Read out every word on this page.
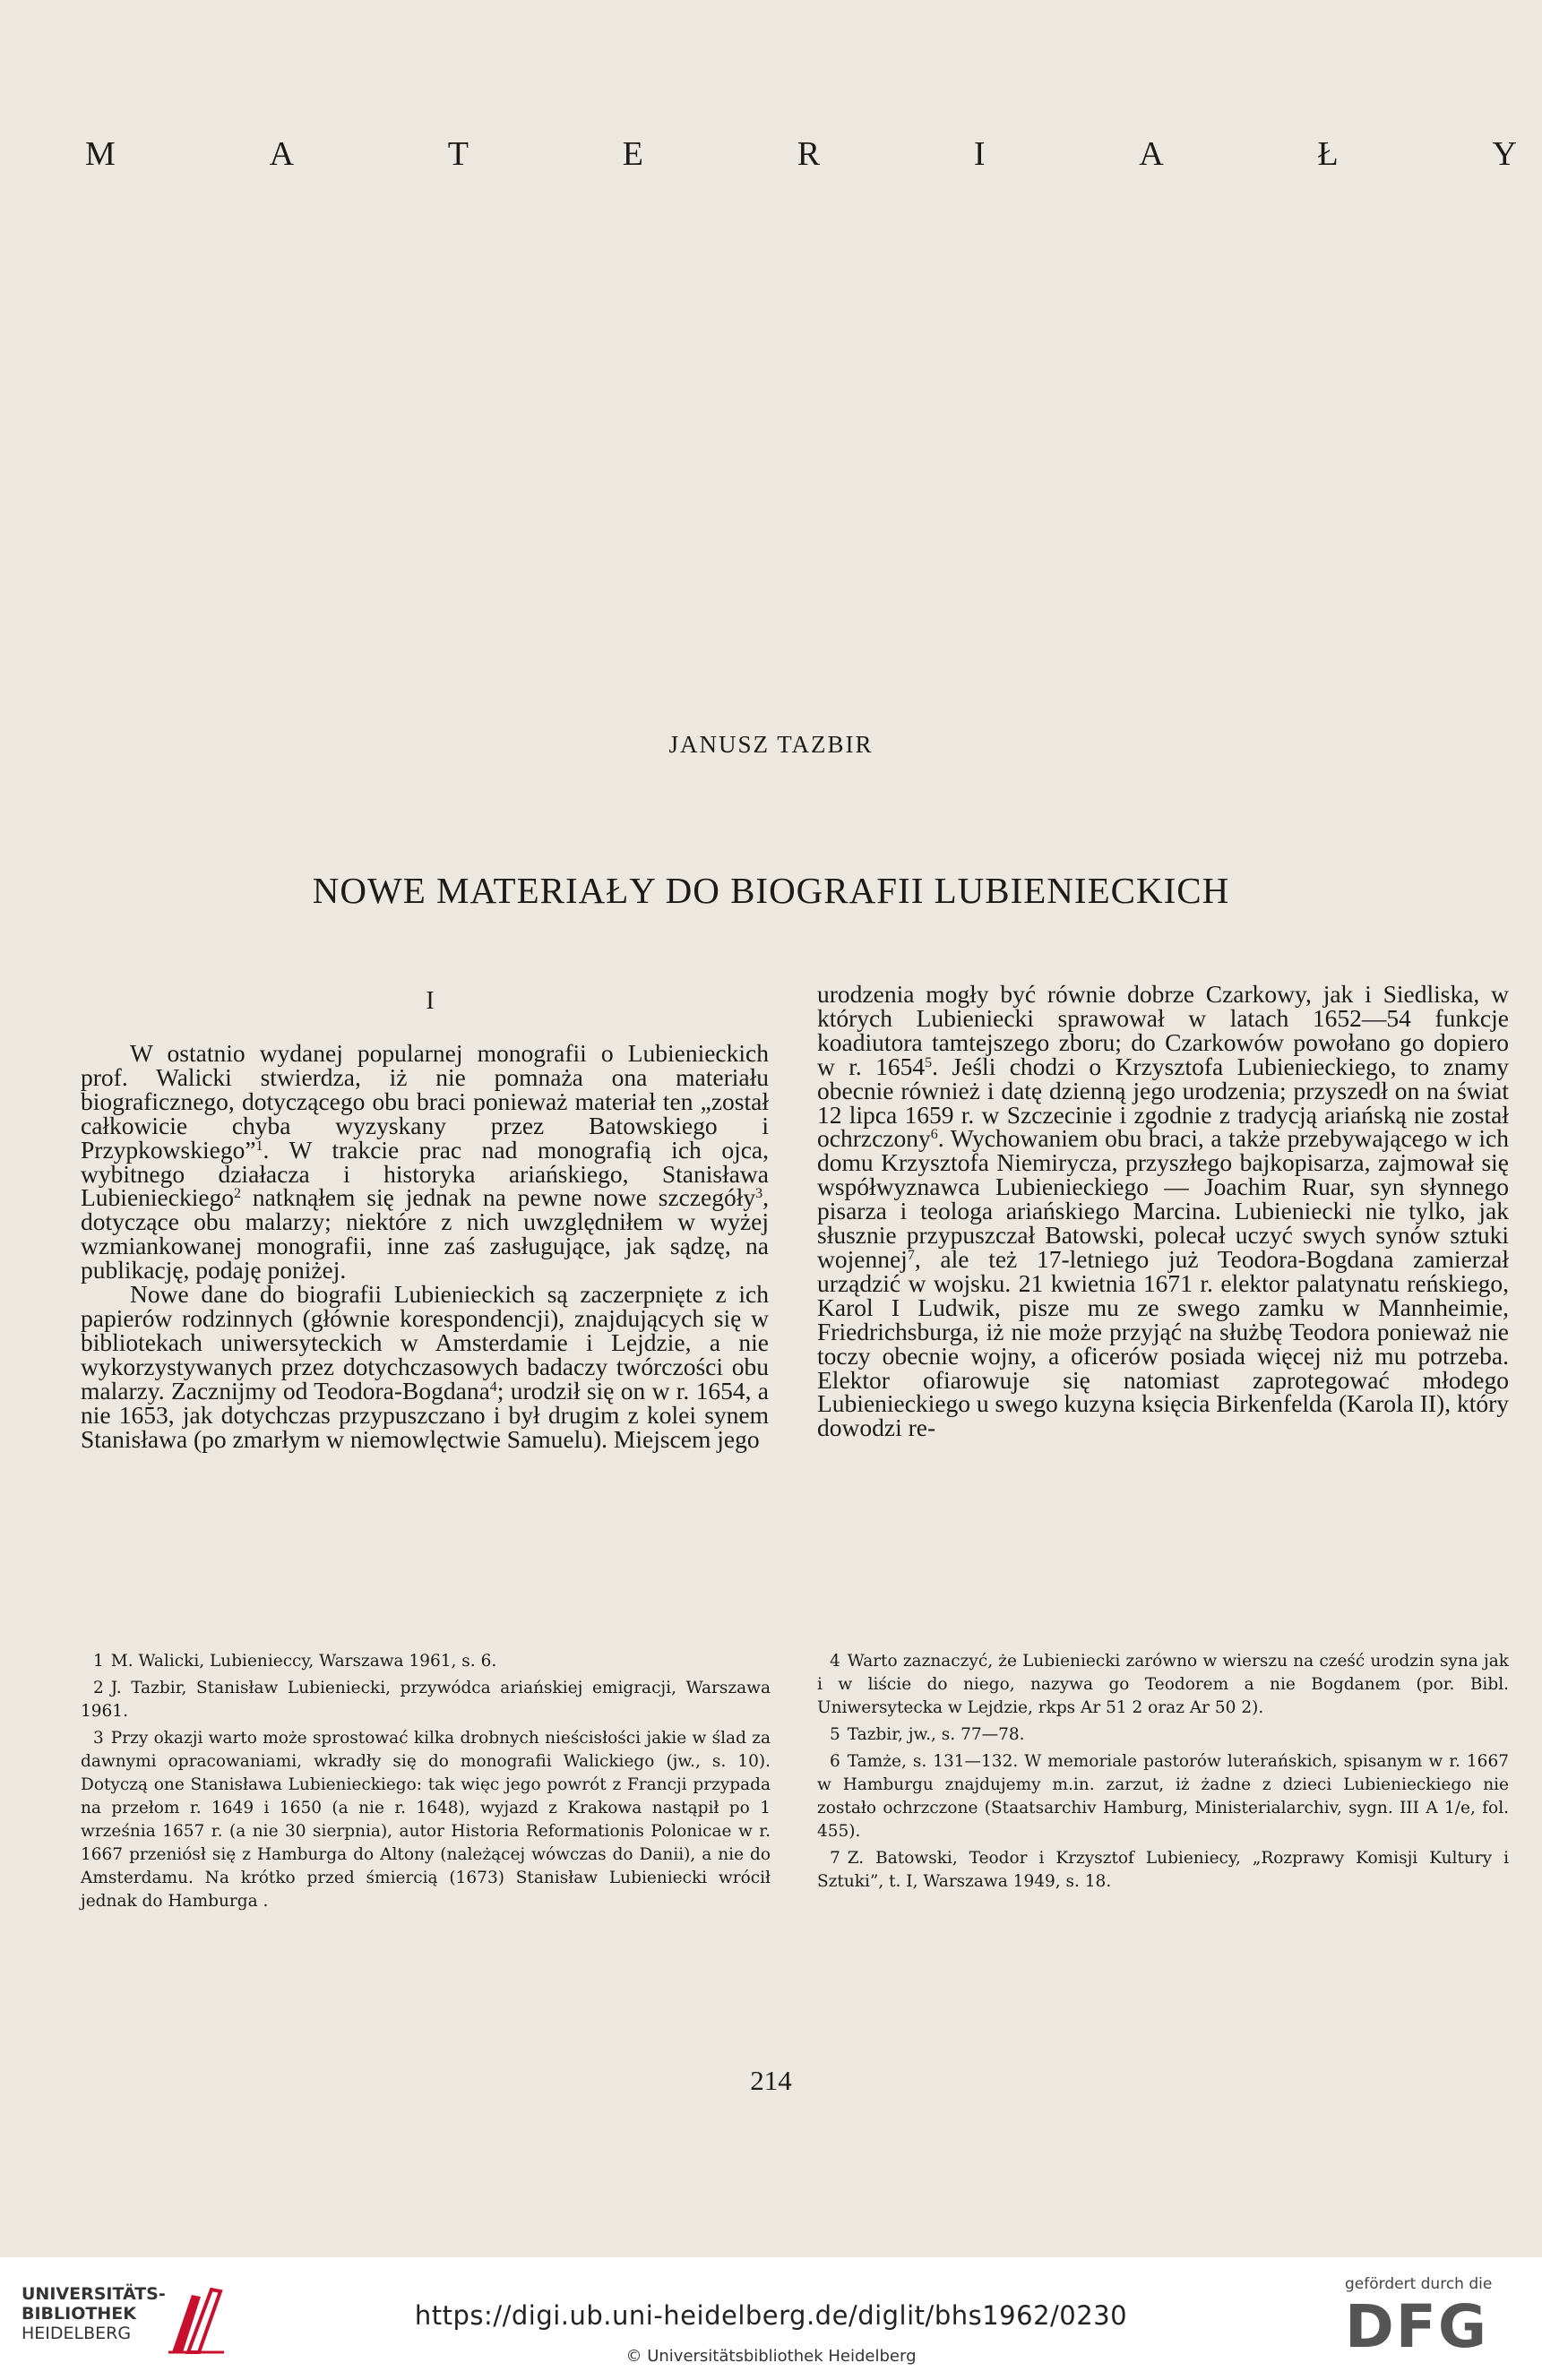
M	A	T	E	R	I	A	Ł	Y
JANUSZ TAZBIR
NOWE MATERIAŁY DO BIOGRAFII LUBIENIECKICH
I

W ostatnio wydanej popularnej monografii o Lubienieckich prof. Walicki stwierdza, iż nie pomnaża ona materiału biograficznego, dotyczącego obu braci ponieważ materiał ten „został całkowicie chyba wyzyskany przez Batowskiego i Przypkowskiego”$^1$. W trakcie prac nad monografią ich ojca, wybitnego działacza i historyka ariańskiego, Stanisława Lubienieckiego$^2$ natknąłem się jednak na pewne nowe szczegóły$^3$, dotyczące obu malarzy; niektóre z nich uwzględniłem w wyżej wzmiankowanej monografii, inne zaś zasługujące, jak sądzę, na publikację, podaję poniżej.

Nowe dane do biografii Lubienieckich są zaczerpnięte z ich papierów rodzinnych (głównie korespondencji), znajdujących się w bibliotekach uniwersyteckich w Amsterdamie i Lejdzie, a nie wykorzystywanych przez dotychczasowych badaczy twórczości obu malarzy. Zacznijmy od Teodora-Bogdana$^4$; urodził się on w r. 1654, a nie 1653, jak dotychczas przypuszczano i był drugim z kolei synem Stanisława (po zmarłym w niemowlęctwie Samuelu). Miejscem jego

urodzenia mogły być równie dobrze Czarkowy, jak i Siedliska, w których Lubieniecki sprawował w latach 1652—54 funkcje koadiutora tamtejszego zboru; do Czarkowów powołano go dopiero w r. 1654$^5$. Jeśli chodzi o Krzysztofa Lubienieckiego, to znamy obecnie również i datę dzienną jego urodzenia; przyszedł on na świat 12 lipca 1659 r. w Szczecinie i zgodnie z tradycją ariańską nie został ochrzczony$^6$. Wychowaniem obu braci, a także przebywającego w ich domu Krzysztofa Niemirycza, przyszłego bajkopisarza, zajmował się współwyznawca Lubienieckiego — Joachim Ruar, syn słynnego pisarza i teologa ariańskiego Marcina. Lubieniecki nie tylko, jak słusznie przypuszczał Batowski, polecał uczyć swych synów sztuki wojennej$^7$, ale też 17-letniego już Teodora-Bogdana zamierzał urządzić w wojsku. 21 kwietnia 1671 r. elektor palatynatu reńskiego, Karol I Ludwik, pisze mu ze swego zamku w Mannheimie, Friedrichsburga, iż nie może przyjąć na służbę Teodora ponieważ nie toczy obecnie wojny, a oficerów posiada więcej niż mu potrzeba. Elektor ofiarowuje się natomiast zaprotegować młodego Lubienieckiego u swego kuzyna księcia Birkenfelda (Karola II), który dowodzi re-

1 M. Walicki, Lubienieccy, Warszawa 1961, s. 6.

2 J. Tazbir, Stanisław Lubieniecki, przywódca ariańskiej emigracji, Warszawa 1961.

3 Przy okazji warto może sprostować kilka drobnych nieścisłości jakie w ślad za dawnymi opracowaniami, wkradły się do monografii Walickiego (jw., s. 10). Dotyczą one Stanisława Lubienieckiego: tak więc jego powrót z Francji przypada na przełom r. 1649 i 1650 (a nie r. 1648), wyjazd z Krakowa nastąpił po 1 września 1657 r. (a nie 30 sierpnia), autor Historia Reformationis Polonicae w r. 1667 przeniósł się z Hamburga do Altony (należącej wówczas do Danii), a nie do Amsterdamu. Na krótko przed śmiercią (1673) Stanisław Lubieniecki wrócił jednak do Hamburga .

4 Warto zaznaczyć, że Lubieniecki zarówno w wierszu na cześć urodzin syna jak i w liście do niego, nazywa go Teodorem a nie Bogdanem (por. Bibl. Uniwersytecka w Lejdzie, rkps Ar 51 2 oraz Ar 50 2).

5 Tazbir, jw., s. 77—78.

6 Tamże, s. 131—132. W memoriale pastorów luterańskich, spisanym w r. 1667 w Hamburgu znajdujemy m.in. zarzut, iż żadne z dzieci Lubienieckiego nie zostało ochrzczone (Staatsarchiv Hamburg, Ministerialarchiv, sygn. III A 1/e, fol. 455).

7 Z. Batowski, Teodor i Krzysztof Lubieniecy, „Rozprawy Komisji Kultury i Sztuki”, t. I, Warszawa 1949, s. 18.

214
UNIVERSITÄTS-
BIBLIOTHEK
HEIDELBERG
https://digi.ub.uni-heidelberg.de/diglit/bhs1962/0230
© Universitätsbibliothek Heidelberg
gefördert durch die
DFG
